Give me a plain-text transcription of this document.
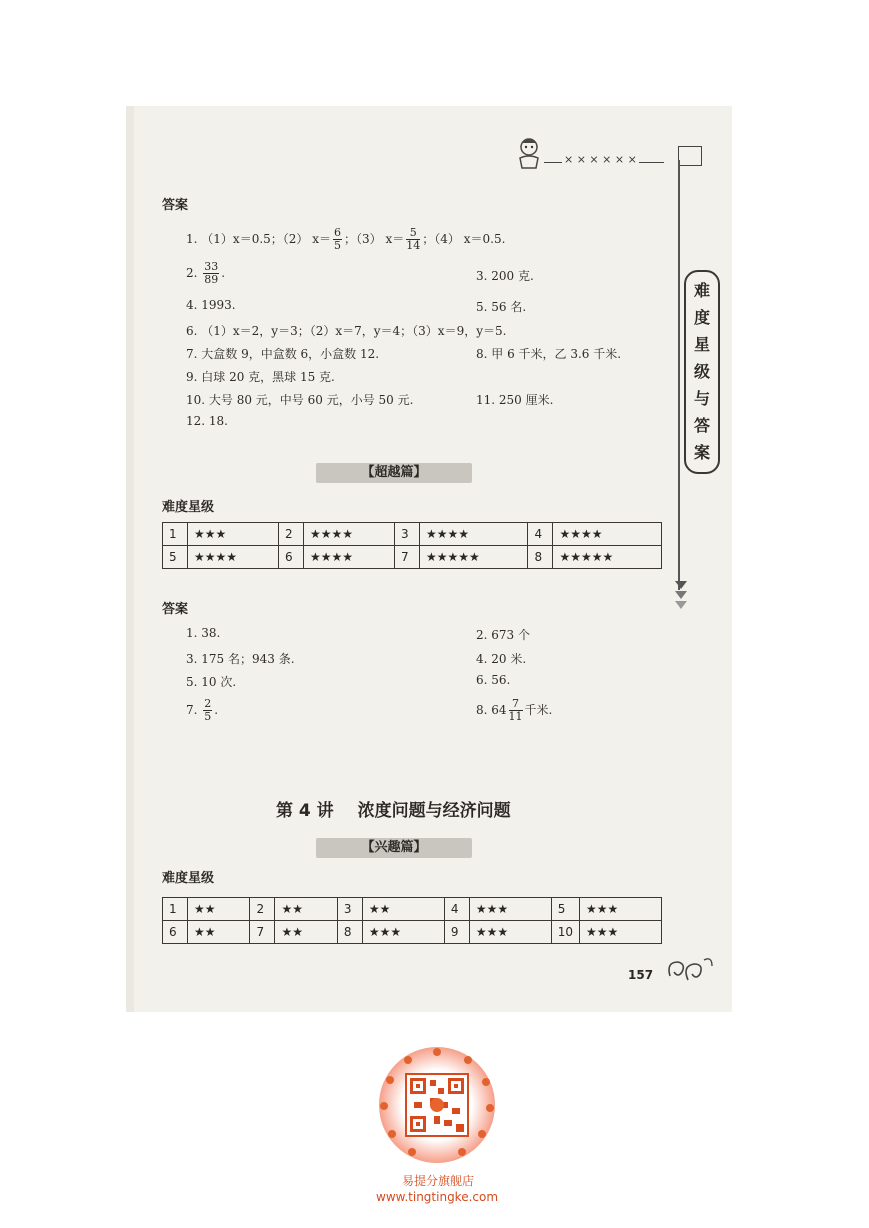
× × × × × ×
难
度
星
级
与
答
案
答案
1. （1）x＝0.5；（2） $x= \frac{6}{5}$ ；（3） $x= \frac{5}{14}$ ；（4） x＝0.5.
2. $\frac{33}{89}$ .	3. 200 克.
4. 1993.	5. 56 名.
6. （1）x＝2，y＝3；（2）x＝7，y＝4；（3）x＝9，y＝5.
7. 大盒数 9，中盒数 6，小盒数 12.	8. 甲 6 千米，乙 3.6 千米.
9. 白球 20 克，黑球 15 克.
10. 大号 80 元，中号 60 元，小号 50 元.	11. 250 厘米.
12. 18.
【超越篇】
难度星级
1	★★★	2	★★★★	3	★★★★	4	★★★★
5	★★★★	6	★★★★	7	★★★★★	8	★★★★★
答案
1. 38.	2. 673 个
3. 175 名；943 条.	4. 20 米.
5. 10 次.	6. 56.
7. $\frac{2}{5}$ .	8. $64 \frac{7}{11}$ 千米.
第 4 讲 浓度问题与经济问题
【兴趣篇】
难度星级
1	★★	2	★★	3	★★	4	★★★	5	★★★
6	★★	7	★★	8	★★★	9	★★★	10	★★★
157
易提分旗舰店
www.tingtingke.com
